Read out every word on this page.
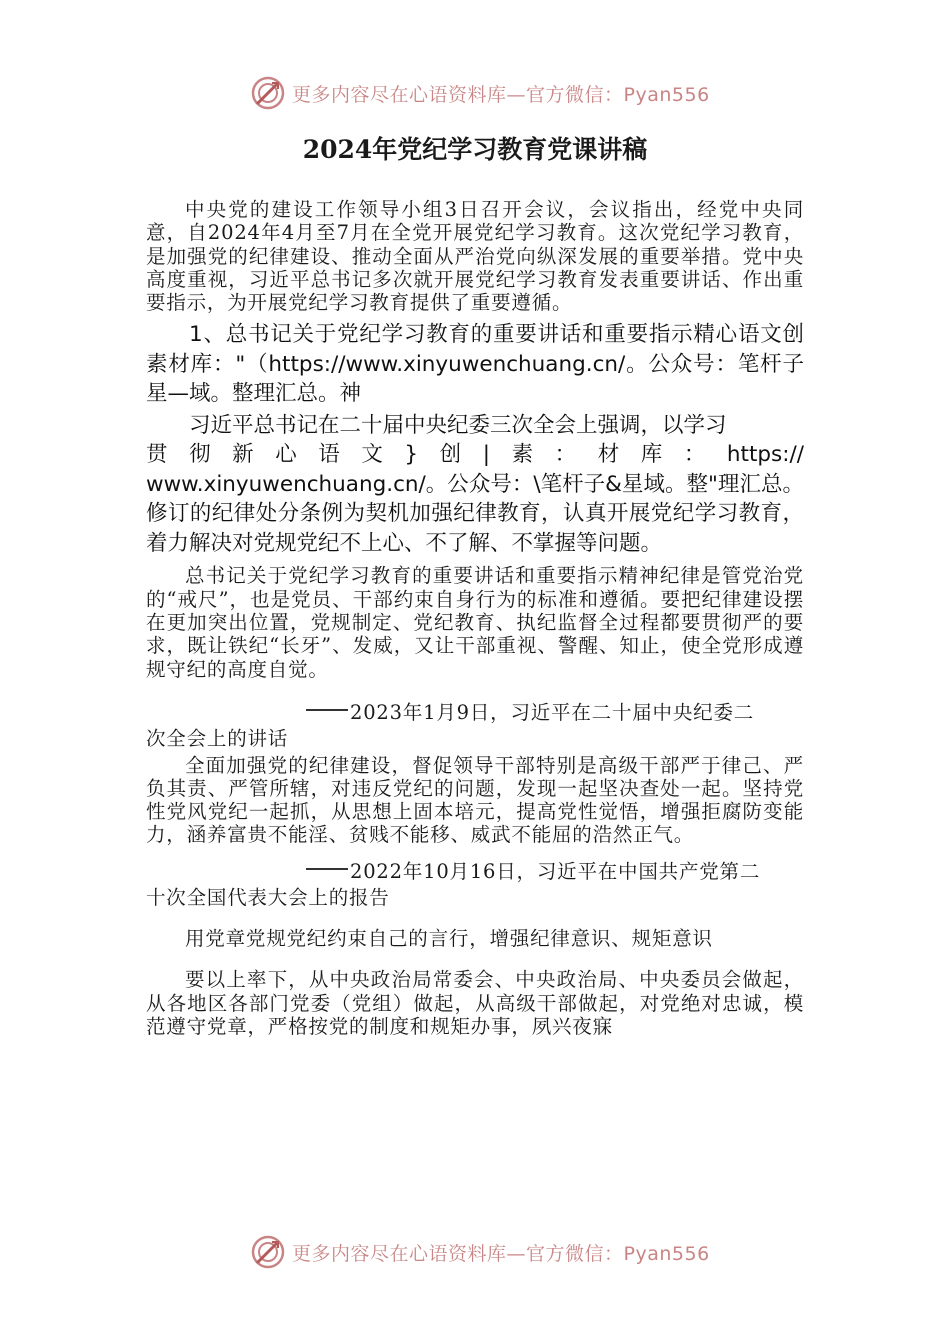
更多内容尽在心语资料库—官方微信：Pyan556
2024年党纪学习教育党课讲稿

中央党的建设工作领导小组3日召开会议，会议指出，经党中央同意，自2024年4月至7月在全党开展党纪学习教育。这次党纪学习教育，是加强党的纪律建设、推动全面从严治党向纵深发展的重要举措。党中央高度重视，习近平总书记多次就开展党纪学习教育发表重要讲话、作出重要指示，为开展党纪学习教育提供了重要遵循。

1、总书记关于党纪学习教育的重要讲话和重要指示精心语文创素材库："（https://www.xinyuwenchuang.cn/。公众号：笔杆子星—域。整理汇总。神

习近平总书记在二十届中央纪委三次全会上强调，以学习
贯彻新心语文}创|素：材库：https://

www.xinyuwenchuang.cn/。公众号：\笔杆子&星域。整"理汇总。修订的纪律处分条例为契机加强纪律教育，认真开展党纪学习教育，着力解决对党规党纪不上心、不了解、不掌握等问题。

总书记关于党纪学习教育的重要讲话和重要指示精神纪律是管党治党的“戒尺”，也是党员、干部约束自身行为的标准和遵循。要把纪律建设摆在更加突出位置，党规制定、党纪教育、执纪监督全过程都要贯彻严的要求，既让铁纪“长牙”、发威，又让干部重视、警醒、知止，使全党形成遵规守纪的高度自觉。

2023年1月9日，习近平在二十届中央纪委二
次全会上的讲话

全面加强党的纪律建设，督促领导干部特别是高级干部严于律己、严负其责、严管所辖，对违反党纪的问题，发现一起坚决查处一起。坚持党性党风党纪一起抓，从思想上固本培元，提高党性觉悟，增强拒腐防变能力，涵养富贵不能淫、贫贱不能移、威武不能屈的浩然正气。

2022年10月16日，习近平在中国共产党第二
十次全国代表大会上的报告

用党章党规党纪约束自己的言行，增强纪律意识、规矩意识

要以上率下，从中央政治局常委会、中央政治局、中央委员会做起，从各地区各部门党委（党组）做起，从高级干部做起，对党绝对忠诚，模范遵守党章，严格按党的制度和规矩办事，夙兴夜寐

更多内容尽在心语资料库—官方微信：Pyan556
